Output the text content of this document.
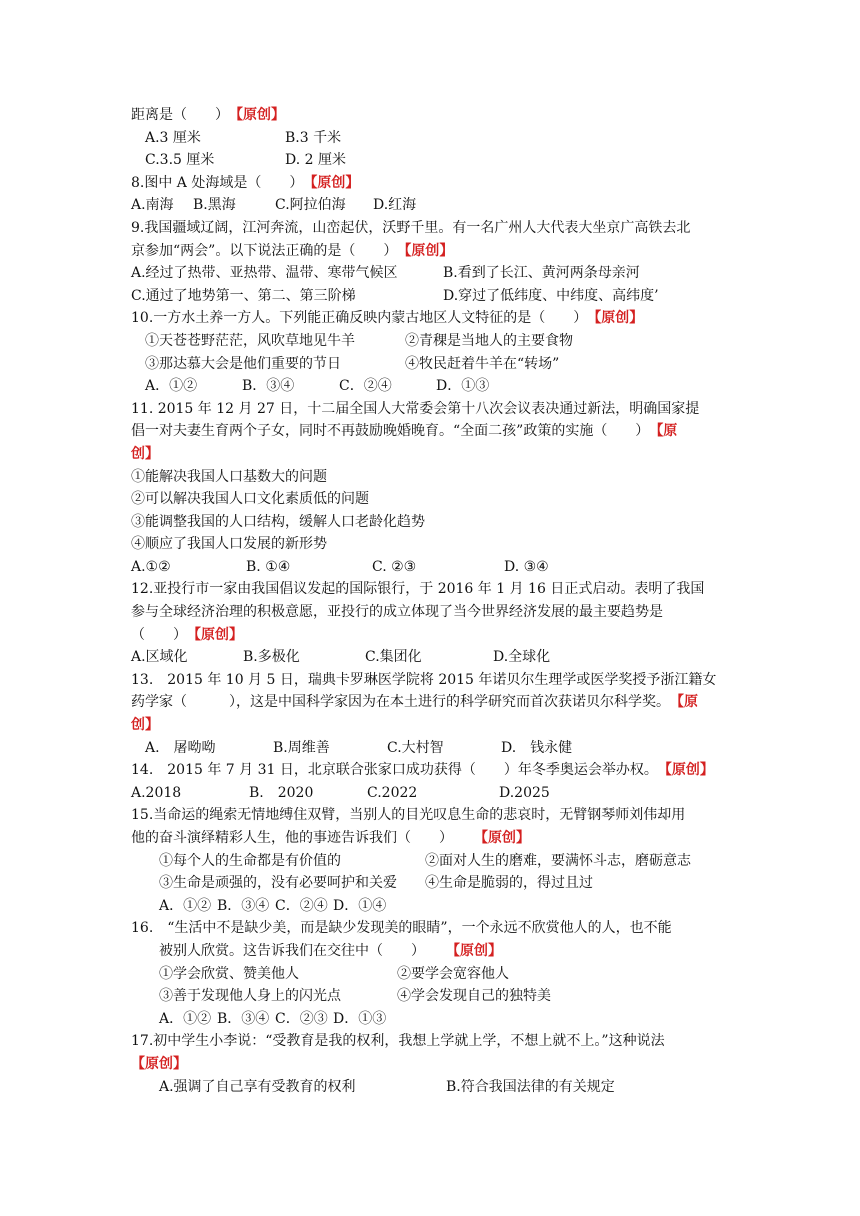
距离是（　　）【原创】
A.3 厘米	B.3 千米
C.3.5 厘米	D. 2 厘米
8.图中 A 处海域是（　　）【原创】
A.南海 B.黑海	C.阿拉伯海 D.红海
9.我国疆域辽阔，江河奔流，山峦起伏，沃野千里。有一名广州人大代表大坐京广高铁去北
京参加“两会”。以下说法正确的是（　　）【原创】
A.经过了热带、亚热带、温带、寒带气候区	B.看到了长江、黄河两条母亲河
C.通过了地势第一、第二、第三阶梯	D.穿过了低纬度、中纬度、高纬度’
10.一方水土养一方人。下列能正确反映内蒙古地区人文特征的是（　　）【原创】
①天苍苍野茫茫，风吹草地见牛羊	②青稞是当地人的主要食物
③那达慕大会是他们重要的节日	④牧民赶着牛羊在“转场”
A．①②	B．③④	C．②④	D．①③
11. 2015 年 12 月 27 日，十二届全国人大常委会第十八次会议表决通过新法，明确国家提
倡一对夫妻生育两个子女，同时不再鼓励晚婚晚育。“全面二孩”政策的实施（　　）【原
创】
①能解决我国人口基数大的问题
②可以解决我国人口文化素质低的问题
③能调整我国的人口结构，缓解人口老龄化趋势
④顺应了我国人口发展的新形势
A.①②	B. ①④	C. ②③	D. ③④
12.亚投行市一家由我国倡议发起的国际银行，于 2016 年 1 月 16 日正式启动。表明了我国
参与全球经济治理的积极意愿，亚投行的成立体现了当今世界经济发展的最主要趋势是
（　　）【原创】
A.区域化	B.多极化	C.集团化	D.全球化
13.　2015 年 10 月 5 日，瑞典卡罗琳医学院将 2015 年诺贝尔生理学或医学奖授予浙江籍女
药学家（　　　），这是中国科学家因为在本土进行的科学研究而首次获诺贝尔科学奖。【原
创】
A.　屠呦呦	B.周维善	C.大村智	D.　钱永健
14.　2015 年 7 月 31 日，北京联合张家口成功获得（　　）年冬季奥运会举办权。【原创】
A.2018	B.　2020	C.2022	D.2025
15.当命运的绳索无情地缚住双臂，当别人的目光叹息生命的悲哀时，无臂钢琴师刘伟却用
他的奋斗演绎精彩人生，他的事迹告诉我们（　　）　　【原创】
①每个人的生命都是有价值的	②面对人生的磨难，要满怀斗志，磨砺意志
③生命是顽强的，没有必要呵护和关爱 ④生命是脆弱的，得过且过
A．①② B．③④ C．②④ D．①④
16.　“生活中不是缺少美，而是缺少发现美的眼睛”，一个永远不欣赏他人的人，也不能
被别人欣赏。这告诉我们在交往中（　　）　　【原创】
①学会欣赏、赞美他人	②要学会宽容他人
③善于发现他人身上的闪光点	④学会发现自己的独特美
A．①② B．③④ C．②③ D．①③
17.初中学生小李说：“受教育是我的权利，我想上学就上学，不想上就不上。”这种说法
【原创】
A.强调了自己享有受教育的权利	B.符合我国法律的有关规定
